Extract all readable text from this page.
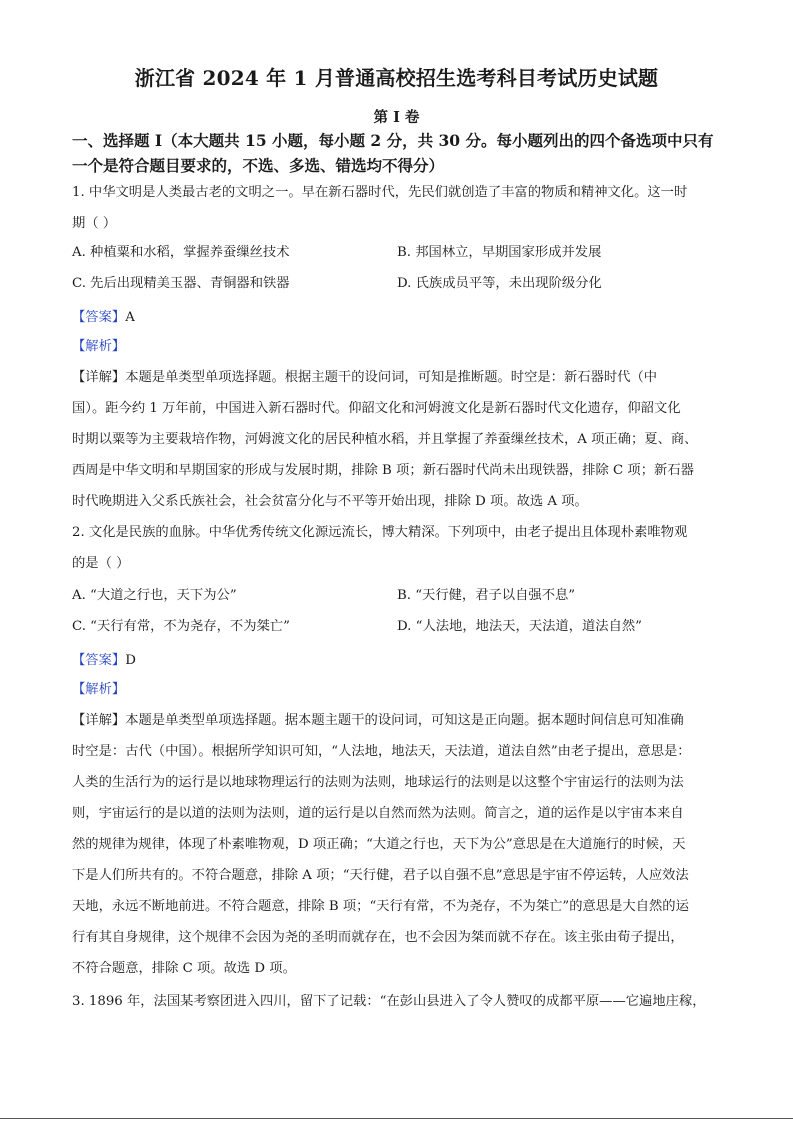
浙江省 2024 年 1 月普通高校招生选考科目考试历史试题
第 I 卷
一、选择题 I（本大题共 15 小题，每小题 2 分，共 30 分。每小题列出的四个备选项中只有
一个是符合题目要求的，不选、多选、错选均不得分）
1. 中华文明是人类最古老的文明之一。早在新石器时代，先民们就创造了丰富的物质和精神文化。这一时
期（ ）
A. 种植粟和水稻，掌握养蚕缫丝技术	B. 邦国林立，早期国家形成并发展
C. 先后出现精美玉器、青铜器和铁器	D. 氏族成员平等，未出现阶级分化
【答案】A
【解析】
【详解】本题是单类型单项选择题。根据主题干的设问词，可知是推断题。时空是：新石器时代（中
国）。距今约 1 万年前，中国进入新石器时代。仰韶文化和河姆渡文化是新石器时代文化遗存，仰韶文化
时期以粟等为主要栽培作物，河姆渡文化的居民种植水稻，并且掌握了养蚕缫丝技术，A 项正确；夏、商、
西周是中华文明和早期国家的形成与发展时期，排除 B 项；新石器时代尚未出现铁器，排除 C 项；新石器
时代晚期进入父系氏族社会，社会贫富分化与不平等开始出现，排除 D 项。故选 A 项。
2. 文化是民族的血脉。中华优秀传统文化源远流长，博大精深。下列项中，由老子提出且体现朴素唯物观
的是（ ）
A. “大道之行也，天下为公”	B. “天行健，君子以自强不息”
C. “天行有常，不为尧存，不为桀亡”	D. “人法地，地法天，天法道，道法自然”
【答案】D
【解析】
【详解】本题是单类型单项选择题。据本题主题干的设问词，可知这是正向题。据本题时间信息可知准确
时空是：古代（中国）。根据所学知识可知，“人法地，地法天，天法道，道法自然”由老子提出，意思是：
人类的生活行为的运行是以地球物理运行的法则为法则，地球运行的法则是以这整个宇宙运行的法则为法
则，宇宙运行的是以道的法则为法则，道的运行是以自然而然为法则。简言之，道的运作是以宇宙本来自
然的规律为规律，体现了朴素唯物观，D 项正确；“大道之行也，天下为公”意思是在大道施行的时候，天
下是人们所共有的。不符合题意，排除 A 项；“天行健，君子以自强不息”意思是宇宙不停运转，人应效法
天地，永远不断地前进。不符合题意，排除 B 项；“天行有常，不为尧存，不为桀亡”的意思是大自然的运
行有其自身规律，这个规律不会因为尧的圣明而就存在，也不会因为桀而就不存在。该主张由荀子提出，
不符合题意，排除 C 项。故选 D 项。
3. 1896 年，法国某考察团进入四川，留下了记载：“在彭山县进入了令人赞叹的成都平原——它遍地庄稼，
